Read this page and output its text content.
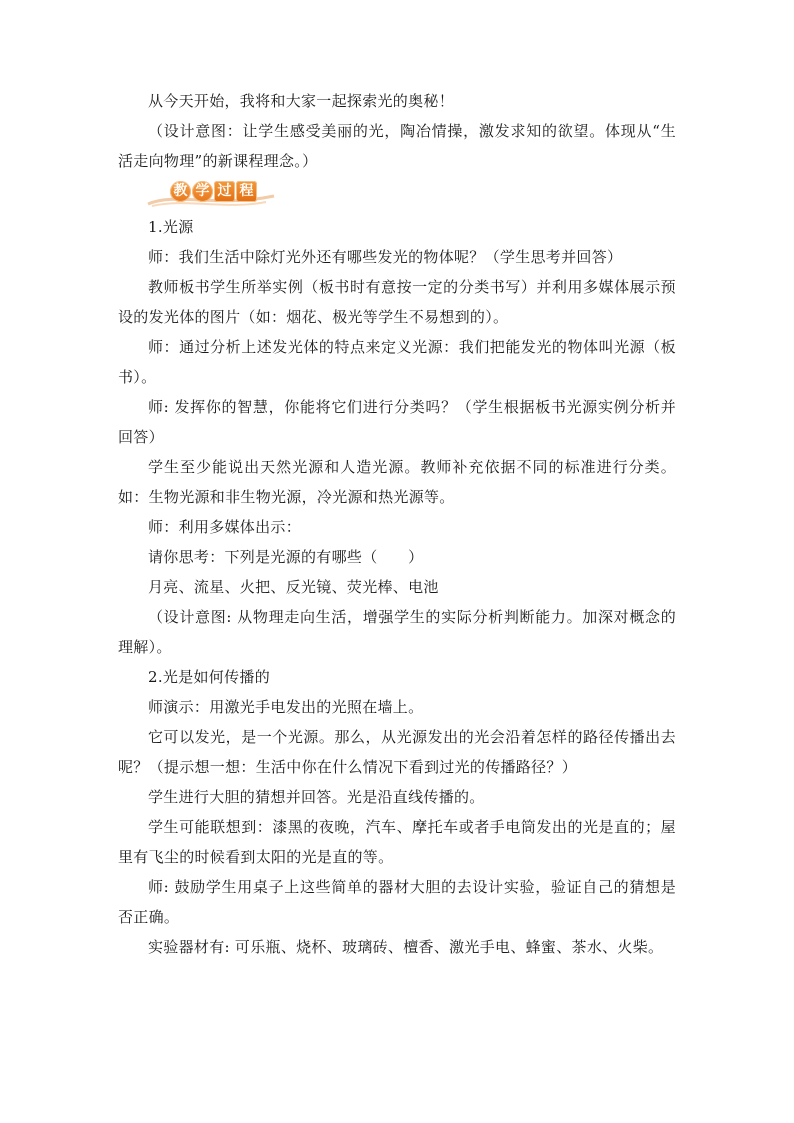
从今天开始，我将和大家一起探索光的奥秘！

（设计意图：让学生感受美丽的光，陶冶情操，激发求知的欲望。体现从“生活走向物理”的新课程理念。）

教 学 过 程

1.光源

师：我们生活中除灯光外还有哪些发光的物体呢？（学生思考并回答）

教师板书学生所举实例（板书时有意按一定的分类书写）并利用多媒体展示预设的发光体的图片（如：烟花、极光等学生不易想到的）。

师：通过分析上述发光体的特点来定义光源：我们把能发光的物体叫光源（板书）。

师: 发挥你的智慧，你能将它们进行分类吗？（学生根据板书光源实例分析并回答）

学生至少能说出天然光源和人造光源。教师补充依据不同的标准进行分类。如：生物光源和非生物光源，冷光源和热光源等。

师：利用多媒体出示：

请你思考：下列是光源的有哪些（　　）

月亮、流星、火把、反光镜、荧光棒、电池

（设计意图: 从物理走向生活，增强学生的实际分析判断能力。加深对概念的理解）。

2.光是如何传播的

师演示：用激光手电发出的光照在墙上。

它可以发光，是一个光源。那么，从光源发出的光会沿着怎样的路径传播出去呢？（提示想一想：生活中你在什么情况下看到过光的传播路径？）

学生进行大胆的猜想并回答。光是沿直线传播的。

学生可能联想到：漆黑的夜晚，汽车、摩托车或者手电筒发出的光是直的；屋里有飞尘的时候看到太阳的光是直的等。

师: 鼓励学生用桌子上这些简单的器材大胆的去设计实验，验证自己的猜想是否正确。

实验器材有: 可乐瓶、烧杯、玻璃砖、檀香、激光手电、蜂蜜、茶水、火柴。
